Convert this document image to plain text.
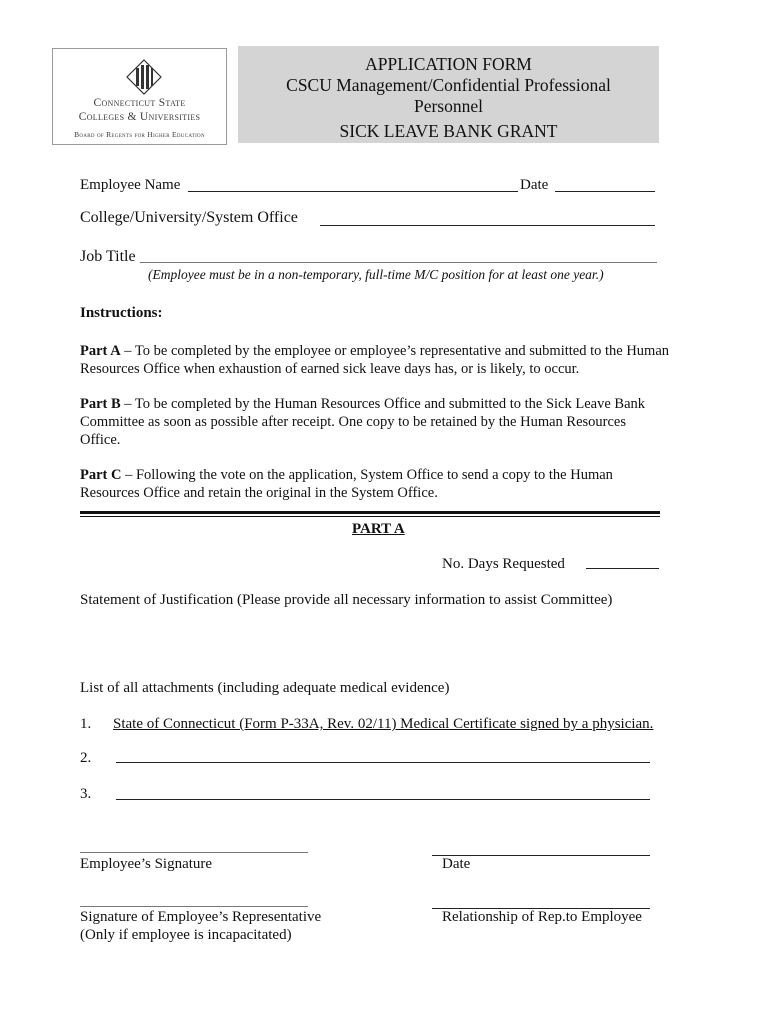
Connecticut State
Colleges & Universities
Board of Regents for Higher Education
APPLICATION FORM
CSCU Management/Confidential Professional
Personnel
SICK LEAVE BANK GRANT
Employee Name	Date
College/University/System Office
Job Title
(Employee must be in a non-temporary, full-time M/C position for at least one year.)
Instructions:
Part A – To be completed by the employee or employee’s representative and submitted to the Human Resources Office when exhaustion of earned sick leave days has, or is likely, to occur.
Part B – To be completed by the Human Resources Office and submitted to the Sick Leave Bank Committee as soon as possible after receipt. One copy to be retained by the Human Resources Office.
Part C – Following the vote on the application, System Office to send a copy to the Human Resources Office and retain the original in the System Office.
PART A
No. Days Requested
Statement of Justification (Please provide all necessary information to assist Committee)
List of all attachments (including adequate medical evidence)
1. State of Connecticut (Form P-33A, Rev. 02/11) Medical Certificate signed by a physician.
2.
3.
Employee’s Signature	Date
Signature of Employee’s Representative
(Only if employee is incapacitated)
Relationship of Rep.to Employee
